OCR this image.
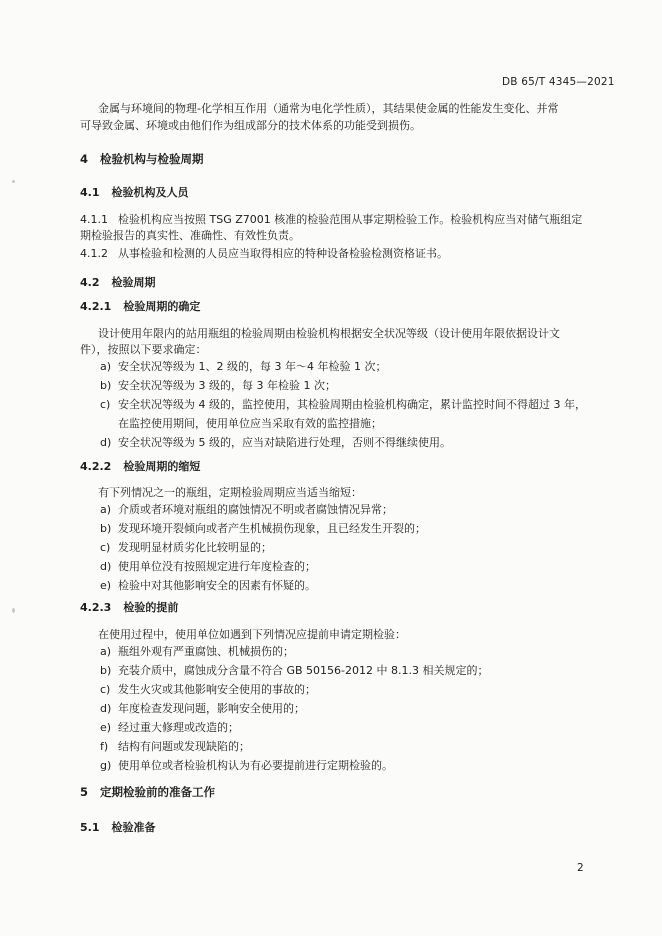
DB 65/T 4345—2021
金属与环境间的物理-化学相互作用（通常为电化学性质），其结果使金属的性能发生变化、并常
可导致金属、环境或由他们作为组成部分的技术体系的功能受到损伤。
4 检验机构与检验周期
4.1 检验机构及人员
4.1.1 检验机构应当按照 TSG Z7001 核准的检验范围从事定期检验工作。检验机构应当对储气瓶组定
期检验报告的真实性、准确性、有效性负责。
4.1.2 从事检验和检测的人员应当取得相应的特种设备检验检测资格证书。
4.2 检验周期
4.2.1 检验周期的确定
设计使用年限内的站用瓶组的检验周期由检验机构根据安全状况等级（设计使用年限依据设计文
件），按照以下要求确定：
a) 安全状况等级为 1、2 级的，每 3 年～4 年检验 1 次；
b) 安全状况等级为 3 级的，每 3 年检验 1 次；
c) 安全状况等级为 4 级的，监控使用，其检验周期由检验机构确定，累计监控时间不得超过 3 年，
在监控使用期间，使用单位应当采取有效的监控措施；
d) 安全状况等级为 5 级的，应当对缺陷进行处理，否则不得继续使用。
4.2.2 检验周期的缩短
有下列情况之一的瓶组，定期检验周期应当适当缩短：
a) 介质或者环境对瓶组的腐蚀情况不明或者腐蚀情况异常；
b) 发现环境开裂倾向或者产生机械损伤现象，且已经发生开裂的；
c) 发现明显材质劣化比较明显的；
d) 使用单位没有按照规定进行年度检查的；
e) 检验中对其他影响安全的因素有怀疑的。
4.2.3 检验的提前
在使用过程中，使用单位如遇到下列情况应提前申请定期检验：
a) 瓶组外观有严重腐蚀、机械损伤的；
b) 充装介质中，腐蚀成分含量不符合 GB 50156-2012 中 8.1.3 相关规定的；
c) 发生火灾或其他影响安全使用的事故的；
d) 年度检查发现问题，影响安全使用的；
e) 经过重大修理或改造的；
f) 结构有问题或发现缺陷的；
g) 使用单位或者检验机构认为有必要提前进行定期检验的。
5 定期检验前的准备工作
5.1 检验准备
2
